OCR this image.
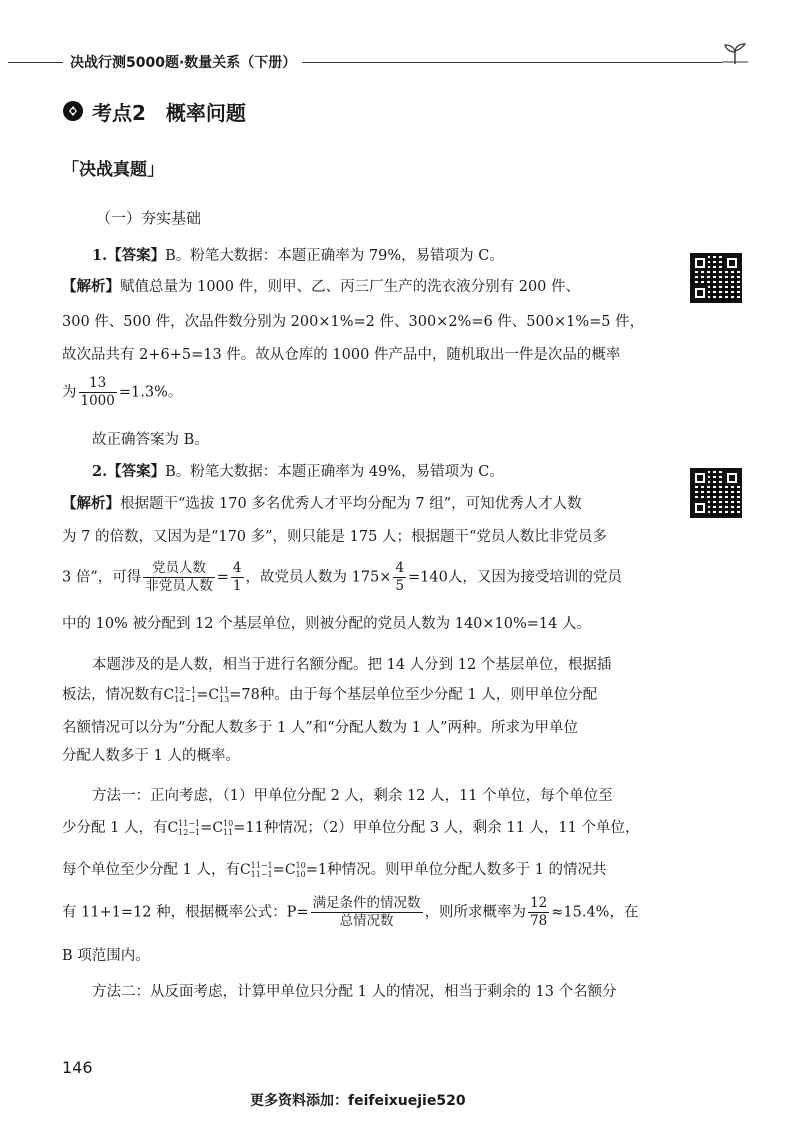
决战行测5000题·数量关系（下册）
考点2　概率问题
「决战真题」
（一）夯实基础
1.【答案】B。粉笔大数据：本题正确率为 79%，易错项为 C。
【解析】赋值总量为 1000 件，则甲、乙、丙三厂生产的洗衣液分别有 200 件、
300 件、500 件，次品件数分别为 200×1%=2 件、300×2%=6 件、500×1%=5 件，
故次品共有 2+6+5=13 件。故从仓库的 1000 件产品中，随机取出一件是次品的概率
为 $\frac{13}{1000} =1.3\%$。
故正确答案为 B。
2.【答案】B。粉笔大数据：本题正确率为 49%，易错项为 C。
【解析】根据题干“选拔 170 多名优秀人才平均分配为 7 组”，可知优秀人才人数
为 7 的倍数，又因为是“170 多”，则只能是 175 人；根据题干“党员人数比非党员多
3 倍”，可得 $\frac{\text{党员人数}}{\text{非党员人数}} = \frac{4}{1}$ ，故党员人数为 $175\times \frac{4}{5} =140$人，又因为接受培训的党员
中的 10% 被分配到 12 个基层单位，则被分配的党员人数为 140×10%=14 人。
本题涉及的是人数，相当于进行名额分配。把 14 人分到 12 个基层单位，根据插
板法，情况数有C 12−1
14−1 =C 11
13 =78种。由于每个基层单位至少分配 1 人，则甲单位分配
名额情况可以分为“分配人数多于 1 人”和“分配人数为 1 人”两种。所求为甲单位
分配人数多于 1 人的概率。
方法一：正向考虑，（1）甲单位分配 2 人，剩余 12 人，11 个单位，每个单位至
少分配 1 人，有C 11−1
12−1 =C 10
11 =11种情况；（2）甲单位分配 3 人，剩余 11 人，11 个单位，
每个单位至少分配 1 人，有C 11−1
11−1 =C 10
10 =1种情况。则甲单位分配人数多于 1 的情况共
有 11+1=12 种，根据概率公式：$P= \frac{\text{满足条件的情况数}}{\text{总情况数}}$ ，则所求概率为 $\frac{12}{78} \approx 15.4\%$，在
B 项范围内。
方法二：从反面考虑，计算甲单位只分配 1 人的情况，相当于剩余的 13 个名额分
146
更多资料添加：feifeixuejie520
